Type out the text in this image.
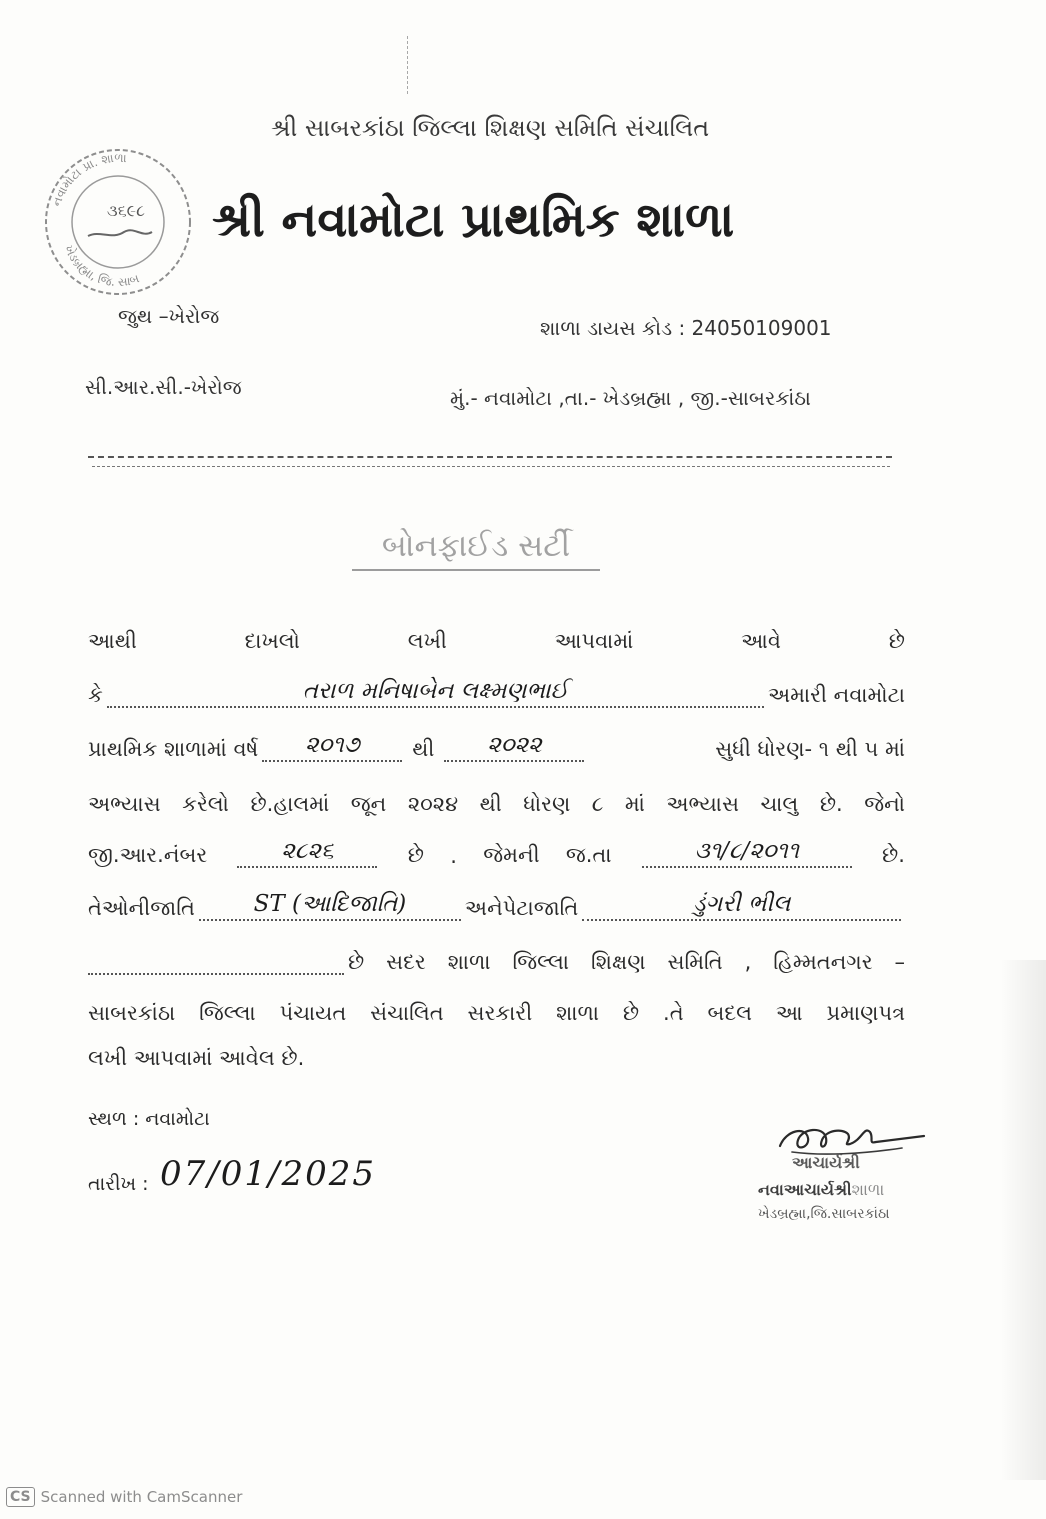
શ્રી સાબરકાંઠા જિલ્લા શિક્ષણ સમિતિ સંચાલિત
નવામોટા પ્રા. શાળા
ખેડબ્રહ્મા, જિ. સાબ
૩૬૯૮ શ્રી નવામોટા પ્રાથમિક શાળા
જુથ –ખેરોજ	શાળા ડાયસ કોડ : 24050109001
સી.આર.સી.-ખેરોજ	મું.- નવામોટા ,તા.- ખેડબ્રહ્મા , જી.-સાબરકાંઠા
બોનફાઈડ સર્ટી
આથી	દાખલો	લખી	આપવામાં	આવે	છે
કે	તરાળ મનિષાબેન લક્ષ્મણભાઈ	અમારી નવામોટા
પ્રાથમિક શાળામાં વર્ષ ૨૦૧૭	થી ૨૦૨૨	સુધી ધોરણ- ૧ થી ૫ માં
અભ્યાસ કરેલો છે.હાલમાં જૂન ૨૦૨૪ થી ધોરણ ૮ માં અભ્યાસ ચાલુ છે. જેનો
જી.આર.નંબર	૨૮૨૬	છે . જેમની જ.તા	૩૧/૮/૨૦૧૧	છે.
તેઓનીજાતિ	ST (આદિજાતિ)	અનેપેટાજાતિ	ડુંગરી ભીલ
છે સદર શાળા જિલ્લા શિક્ષણ સમિતિ , હિમ્મતનગર –
સાબરકાંઠા જિલ્લા પંચાયત સંચાલિત સરકારી શાળા છે .તે બદલ આ પ્રમાણપત્ર
લખી આપવામાં આવેલ છે.
સ્થળ : નવામોટા
તારીખ : 07/01/2025	આચાર્યશ્રી
નવાઆચાર્યશ્રીશાળા
ખેડબ્રહ્મા,જિ.સાબરકાંઠા
CS Scanned with CamScanner
